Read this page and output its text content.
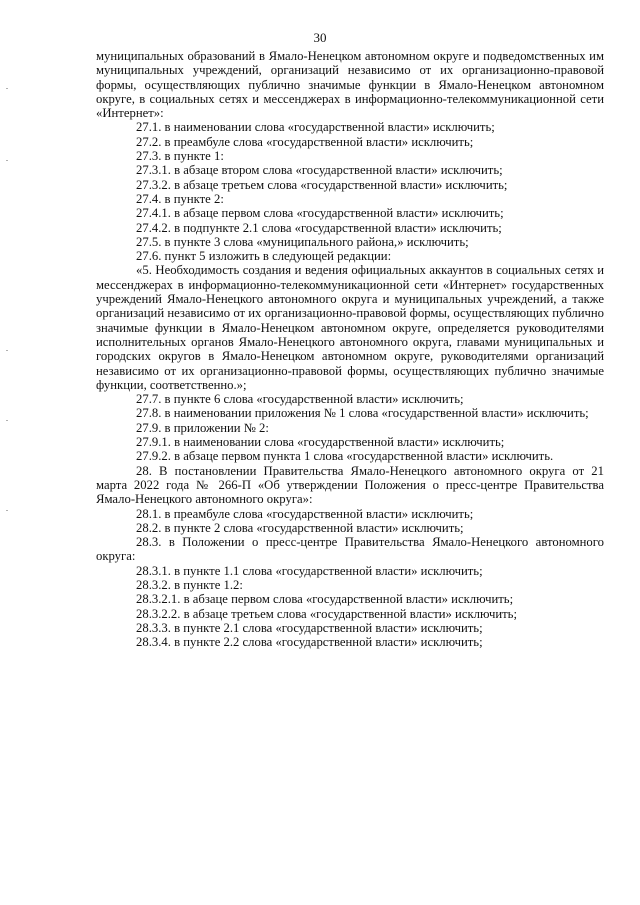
30

муниципальных образований в Ямало-Ненецком автономном округе и подведомственных им муниципальных учреждений, организаций независимо от их организационно-правовой формы, осуществляющих публично значимые функции в Ямало-Ненецком автономном округе, в социальных сетях и мессенджерах в информационно-телекоммуникационной сети «Интернет»:

27.1. в наименовании слова «государственной власти» исключить;

27.2. в преамбуле слова «государственной власти» исключить;

27.3. в пункте 1:

27.3.1. в абзаце втором слова «государственной власти» исключить;

27.3.2. в абзаце третьем слова «государственной власти» исключить;

27.4. в пункте 2:

27.4.1. в абзаце первом слова «государственной власти» исключить;

27.4.2. в подпункте 2.1 слова «государственной власти» исключить;

27.5. в пункте 3 слова «муниципального района,» исключить;

27.6. пункт 5 изложить в следующей редакции:

«5. Необходимость создания и ведения официальных аккаунтов в социальных сетях и мессенджерах в информационно-телекоммуникационной сети «Интернет» государственных учреждений Ямало-Ненецкого автономного округа и муниципальных учреждений, а также организаций независимо от их организационно-правовой формы, осуществляющих публично значимые функции в Ямало-Ненецком автономном округе, определяется руководителями исполнительных органов Ямало-Ненецкого автономного округа, главами муниципальных и городских округов в Ямало-Ненецком автономном округе, руководителями организаций независимо от их организационно-правовой формы, осуществляющих публично значимые функции, соответственно.»;

27.7. в пункте 6 слова «государственной власти» исключить;

27.8. в наименовании приложения № 1 слова «государственной власти» исключить;

27.9. в приложении № 2:

27.9.1. в наименовании слова «государственной власти» исключить;

27.9.2. в абзаце первом пункта 1 слова «государственной власти» исключить.

28. В постановлении Правительства Ямало-Ненецкого автономного округа от 21 марта 2022 года № 266-П «Об утверждении Положения о пресс-центре Правительства Ямало-Ненецкого автономного округа»:

28.1. в преамбуле слова «государственной власти» исключить;

28.2. в пункте 2 слова «государственной власти» исключить;

28.3. в Положении о пресс-центре Правительства Ямало-Ненецкого автономного округа:

28.3.1. в пункте 1.1 слова «государственной власти» исключить;

28.3.2. в пункте 1.2:

28.3.2.1. в абзаце первом слова «государственной власти» исключить;

28.3.2.2. в абзаце третьем слова «государственной власти» исключить;

28.3.3. в пункте 2.1 слова «государственной власти» исключить;

28.3.4. в пункте 2.2 слова «государственной власти» исключить;
